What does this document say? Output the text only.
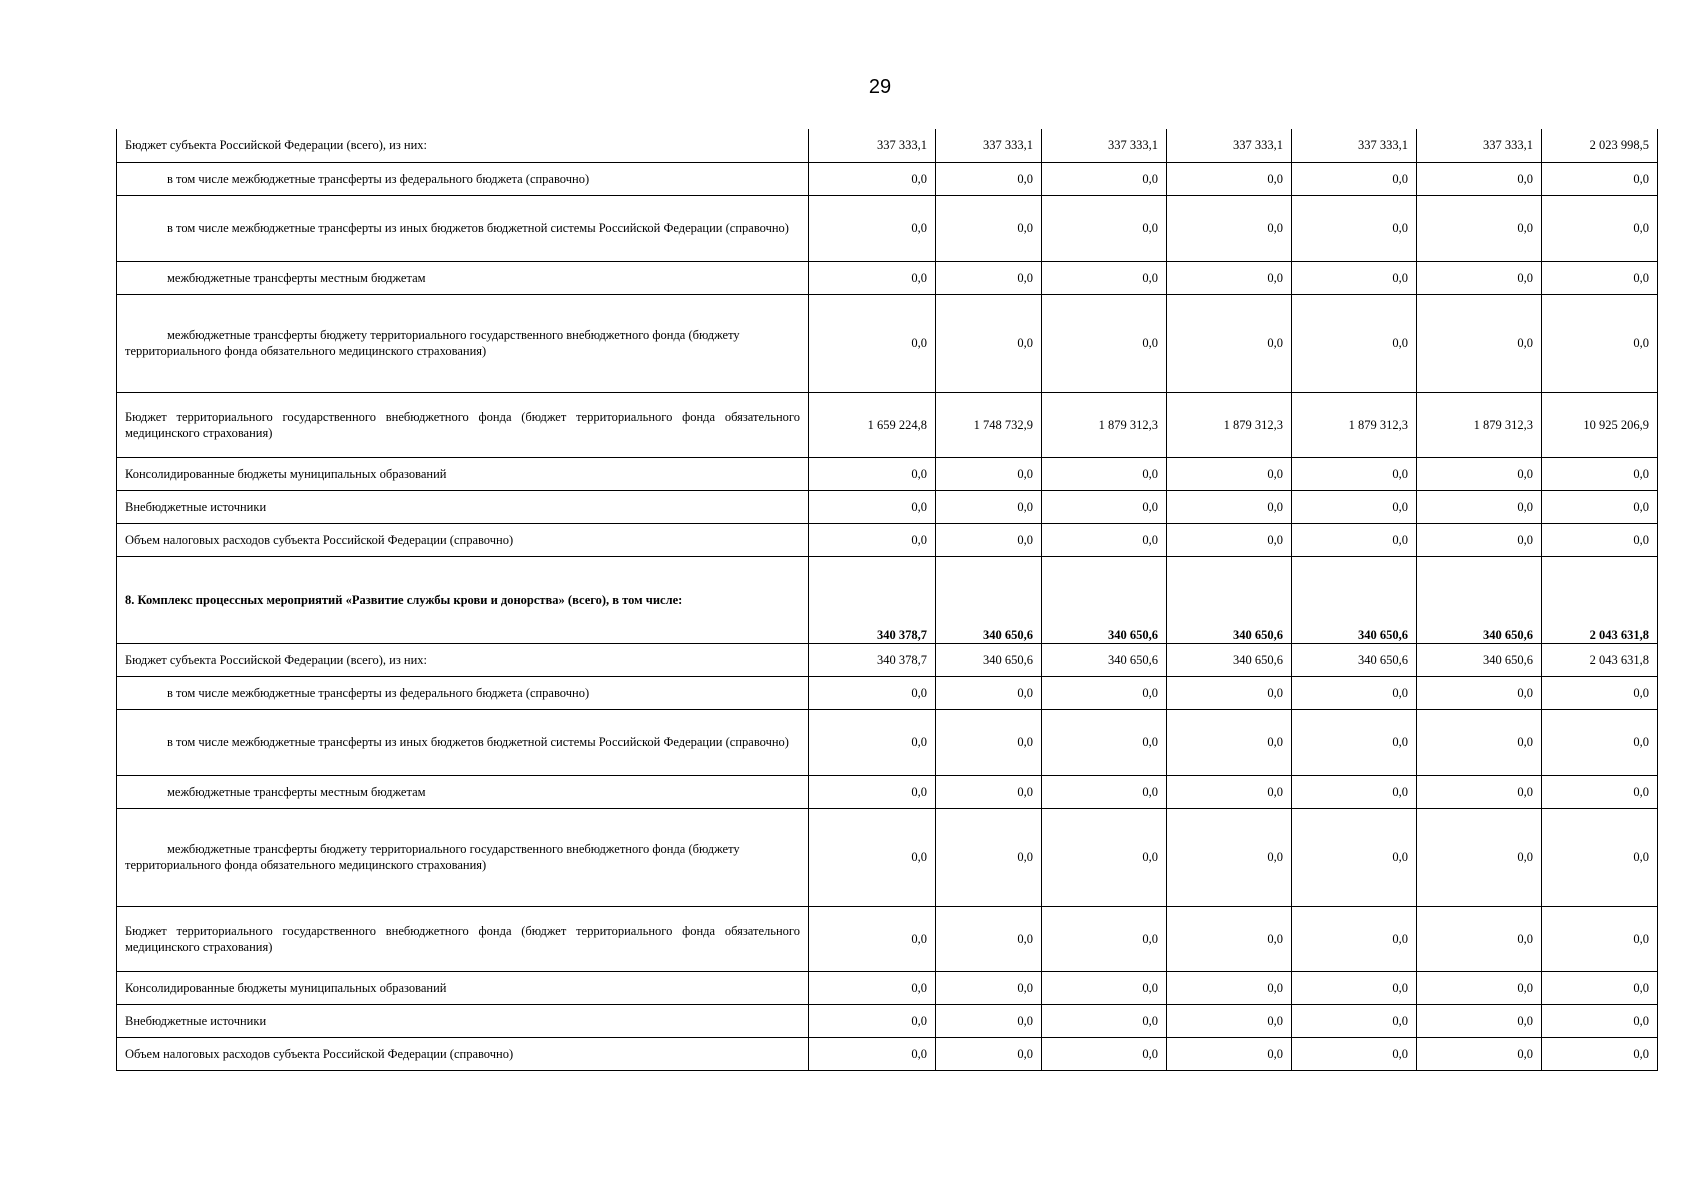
29
Бюджет субъекта Российской Федерации (всего), из них:	337 333,1	337 333,1	337 333,1	337 333,1	337 333,1	337 333,1	2 023 998,5
в том числе межбюджетные трансферты из федерального бюджета (справочно)	0,0	0,0	0,0	0,0	0,0	0,0	0,0
в том числе межбюджетные трансферты из иных бюджетов бюджетной системы Российской Федерации (справочно)	0,0	0,0	0,0	0,0	0,0	0,0	0,0
межбюджетные трансферты местным бюджетам	0,0	0,0	0,0	0,0	0,0	0,0	0,0
межбюджетные трансферты бюджету территориального государственного внебюджетного фонда (бюджету территориального фонда обязательного медицинского страхования)	0,0	0,0	0,0	0,0	0,0	0,0	0,0
Бюджет территориального государственного внебюджетного фонда (бюджет территориального фонда обязательного медицинского страхования)	1 659 224,8	1 748 732,9	1 879 312,3	1 879 312,3	1 879 312,3	1 879 312,3	10 925 206,9
Консолидированные бюджеты муниципальных образований	0,0	0,0	0,0	0,0	0,0	0,0	0,0
Внебюджетные источники	0,0	0,0	0,0	0,0	0,0	0,0	0,0
Объем налоговых расходов субъекта Российской Федерации (справочно)	0,0	0,0	0,0	0,0	0,0	0,0	0,0
8. Комплекс процессных мероприятий «Развитие службы крови и донорства» (всего), в том числе:	340 378,7	340 650,6	340 650,6	340 650,6	340 650,6	340 650,6	2 043 631,8
Бюджет субъекта Российской Федерации (всего), из них:	340 378,7	340 650,6	340 650,6	340 650,6	340 650,6	340 650,6	2 043 631,8
в том числе межбюджетные трансферты из федерального бюджета (справочно)	0,0	0,0	0,0	0,0	0,0	0,0	0,0
в том числе межбюджетные трансферты из иных бюджетов бюджетной системы Российской Федерации (справочно)	0,0	0,0	0,0	0,0	0,0	0,0	0,0
межбюджетные трансферты местным бюджетам	0,0	0,0	0,0	0,0	0,0	0,0	0,0
межбюджетные трансферты бюджету территориального государственного внебюджетного фонда (бюджету территориального фонда обязательного медицинского страхования)	0,0	0,0	0,0	0,0	0,0	0,0	0,0
Бюджет территориального государственного внебюджетного фонда (бюджет территориального фонда обязательного медицинского страхования)	0,0	0,0	0,0	0,0	0,0	0,0	0,0
Консолидированные бюджеты муниципальных образований	0,0	0,0	0,0	0,0	0,0	0,0	0,0
Внебюджетные источники	0,0	0,0	0,0	0,0	0,0	0,0	0,0
Объем налоговых расходов субъекта Российской Федерации (справочно)	0,0	0,0	0,0	0,0	0,0	0,0	0,0
